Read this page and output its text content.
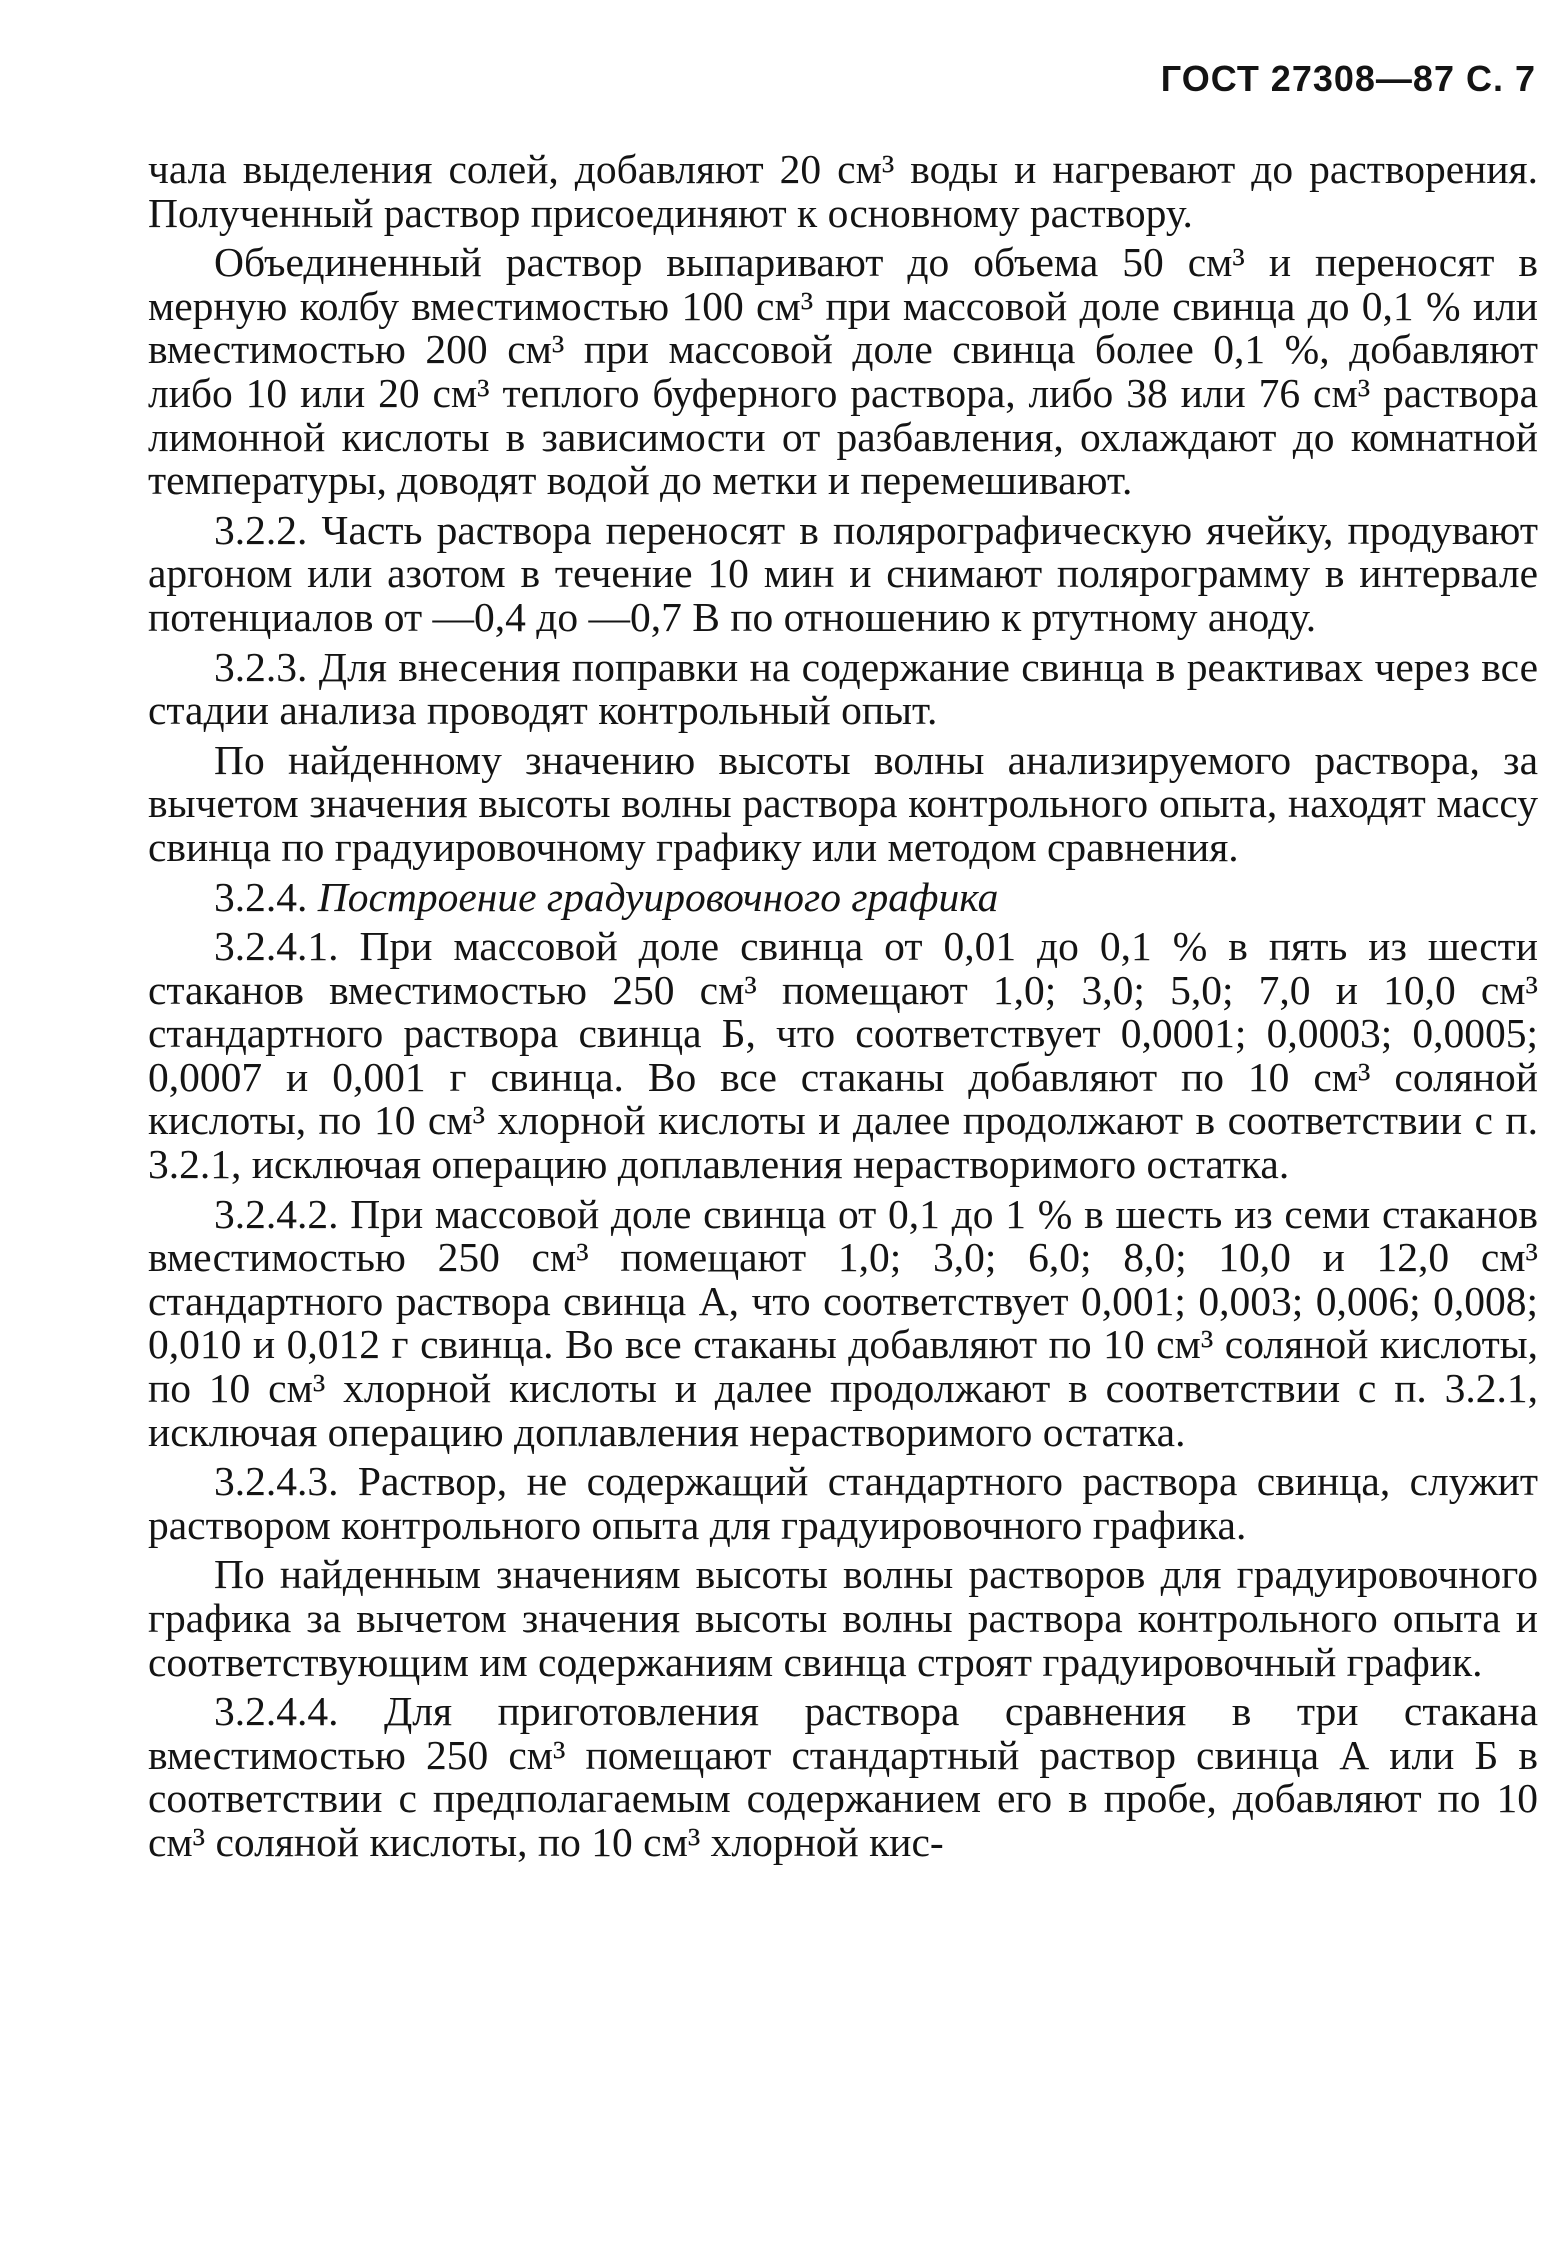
ГОСТ 27308—87 С. 7

чала выделения солей, добавляют 20 см³ воды и нагревают до растворения. Полученный раствор присоединяют к основному раствору.

Объединенный раствор выпаривают до объема 50 см³ и переносят в мерную колбу вместимостью 100 см³ при массовой доле свинца до 0,1 % или вместимостью 200 см³ при массовой доле свинца более 0,1 %, добавляют либо 10 или 20 см³ теплого буферного раствора, либо 38 или 76 см³ раствора лимонной кислоты в зависимости от разбавления, охлаждают до комнатной температуры, доводят водой до метки и перемешивают.

3.2.2. Часть раствора переносят в полярографическую ячейку, продувают аргоном или азотом в течение 10 мин и снимают полярограмму в интервале потенциалов от —0,4 до —0,7 В по отношению к ртутному аноду.

3.2.3. Для внесения поправки на содержание свинца в реактивах через все стадии анализа проводят контрольный опыт.

По найденному значению высоты волны анализируемого раствора, за вычетом значения высоты волны раствора контрольного опыта, находят массу свинца по градуировочному графику или методом сравнения.

3.2.4. Построение градуировочного графика

3.2.4.1. При массовой доле свинца от 0,01 до 0,1 % в пять из шести стаканов вместимостью 250 см³ помещают 1,0; 3,0; 5,0; 7,0 и 10,0 см³ стандартного раствора свинца Б, что соответствует 0,0001; 0,0003; 0,0005; 0,0007 и 0,001 г свинца. Во все стаканы добавляют по 10 см³ соляной кислоты, по 10 см³ хлорной кислоты и далее продолжают в соответствии с п. 3.2.1, исключая операцию доплавления нерастворимого остатка.

3.2.4.2. При массовой доле свинца от 0,1 до 1 % в шесть из семи стаканов вместимостью 250 см³ помещают 1,0; 3,0; 6,0; 8,0; 10,0 и 12,0 см³ стандартного раствора свинца А, что соответствует 0,001; 0,003; 0,006; 0,008; 0,010 и 0,012 г свинца. Во все стаканы добавляют по 10 см³ соляной кислоты, по 10 см³ хлорной кислоты и далее продолжают в соответствии с п. 3.2.1, исключая операцию доплавления нерастворимого остатка.

3.2.4.3. Раствор, не содержащий стандартного раствора свинца, служит раствором контрольного опыта для градуировочного графика.

По найденным значениям высоты волны растворов для градуировочного графика за вычетом значения высоты волны раствора контрольного опыта и соответствующим им содержаниям свинца строят градуировочный график.

3.2.4.4. Для приготовления раствора сравнения в три стакана вместимостью 250 см³ помещают стандартный раствор свинца А или Б в соответствии с предполагаемым содержанием его в пробе, добавляют по 10 см³ соляной кислоты, по 10 см³ хлорной кис-
